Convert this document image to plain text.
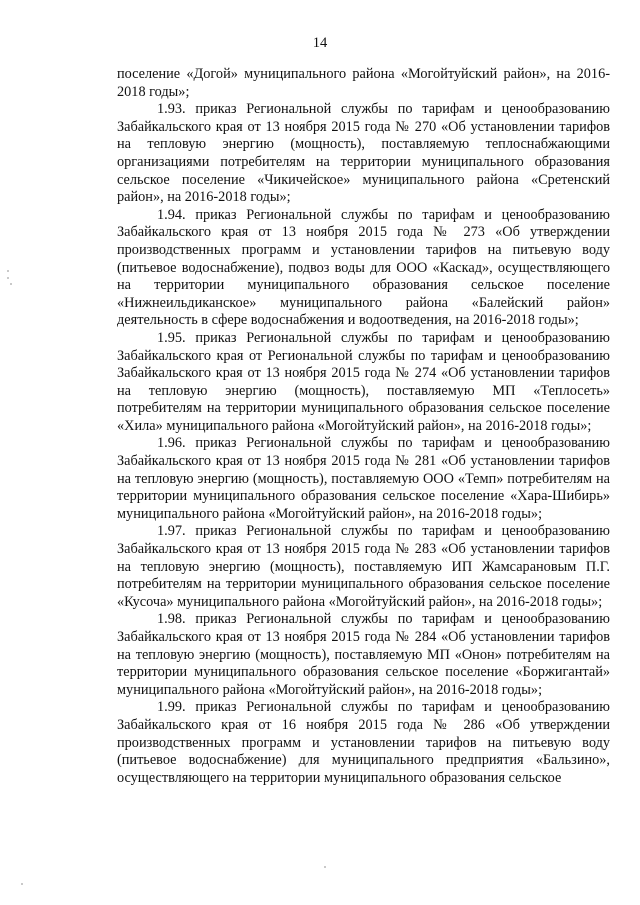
14

поселение «Догой» муниципального района «Могойтуйский район», на 2016-2018 годы»;

1.93. приказ Региональной службы по тарифам и ценообразованию Забайкальского края от 13 ноября 2015 года № 270 «Об установлении тарифов на тепловую энергию (мощность), поставляемую теплоснабжающими организациями потребителям на территории муниципального образования сельское поселение «Чикичейское» муниципального района «Сретенский район», на 2016-2018 годы»;

1.94. приказ Региональной службы по тарифам и ценообразованию Забайкальского края от 13 ноября 2015 года № 273 «Об утверждении производственных программ и установлении тарифов на питьевую воду (питьевое водоснабжение), подвоз воды для ООО «Каскад», осуществляющего на территории муниципального образования сельское поселение «Нижнеильдиканское» муниципального района «Балейский район» деятельность в сфере водоснабжения и водоотведения, на 2016-2018 годы»;

1.95. приказ Региональной службы по тарифам и ценообразованию Забайкальского края от Региональной службы по тарифам и ценообразованию Забайкальского края от 13 ноября 2015 года № 274 «Об установлении тарифов на тепловую энергию (мощность), поставляемую МП «Теплосеть» потребителям на территории муниципального образования сельское поселение «Хила» муниципального района «Могойтуйский район», на 2016-2018 годы»;

1.96. приказ Региональной службы по тарифам и ценообразованию Забайкальского края от 13 ноября 2015 года № 281 «Об установлении тарифов на тепловую энергию (мощность), поставляемую ООО «Темп» потребителям на территории муниципального образования сельское поселение «Хара-Шибирь» муниципального района «Могойтуйский район», на 2016-2018 годы»;

1.97. приказ Региональной службы по тарифам и ценообразованию Забайкальского края от 13 ноября 2015 года № 283 «Об установлении тарифов на тепловую энергию (мощность), поставляемую ИП Жамсарановым П.Г. потребителям на территории муниципального образования сельское поселение «Кусоча» муниципального района «Могойтуйский район», на 2016-2018 годы»;

1.98. приказ Региональной службы по тарифам и ценообразованию Забайкальского края от 13 ноября 2015 года № 284 «Об установлении тарифов на тепловую энергию (мощность), поставляемую МП «Онон» потребителям на территории муниципального образования сельское поселение «Боржигантай» муниципального района «Могойтуйский район», на 2016-2018 годы»;

1.99. приказ Региональной службы по тарифам и ценообразованию Забайкальского края от 16 ноября 2015 года № 286 «Об утверждении производственных программ и установлении тарифов на питьевую воду (питьевое водоснабжение) для муниципального предприятия «Бальзино», осуществляющего на территории муниципального образования сельское
